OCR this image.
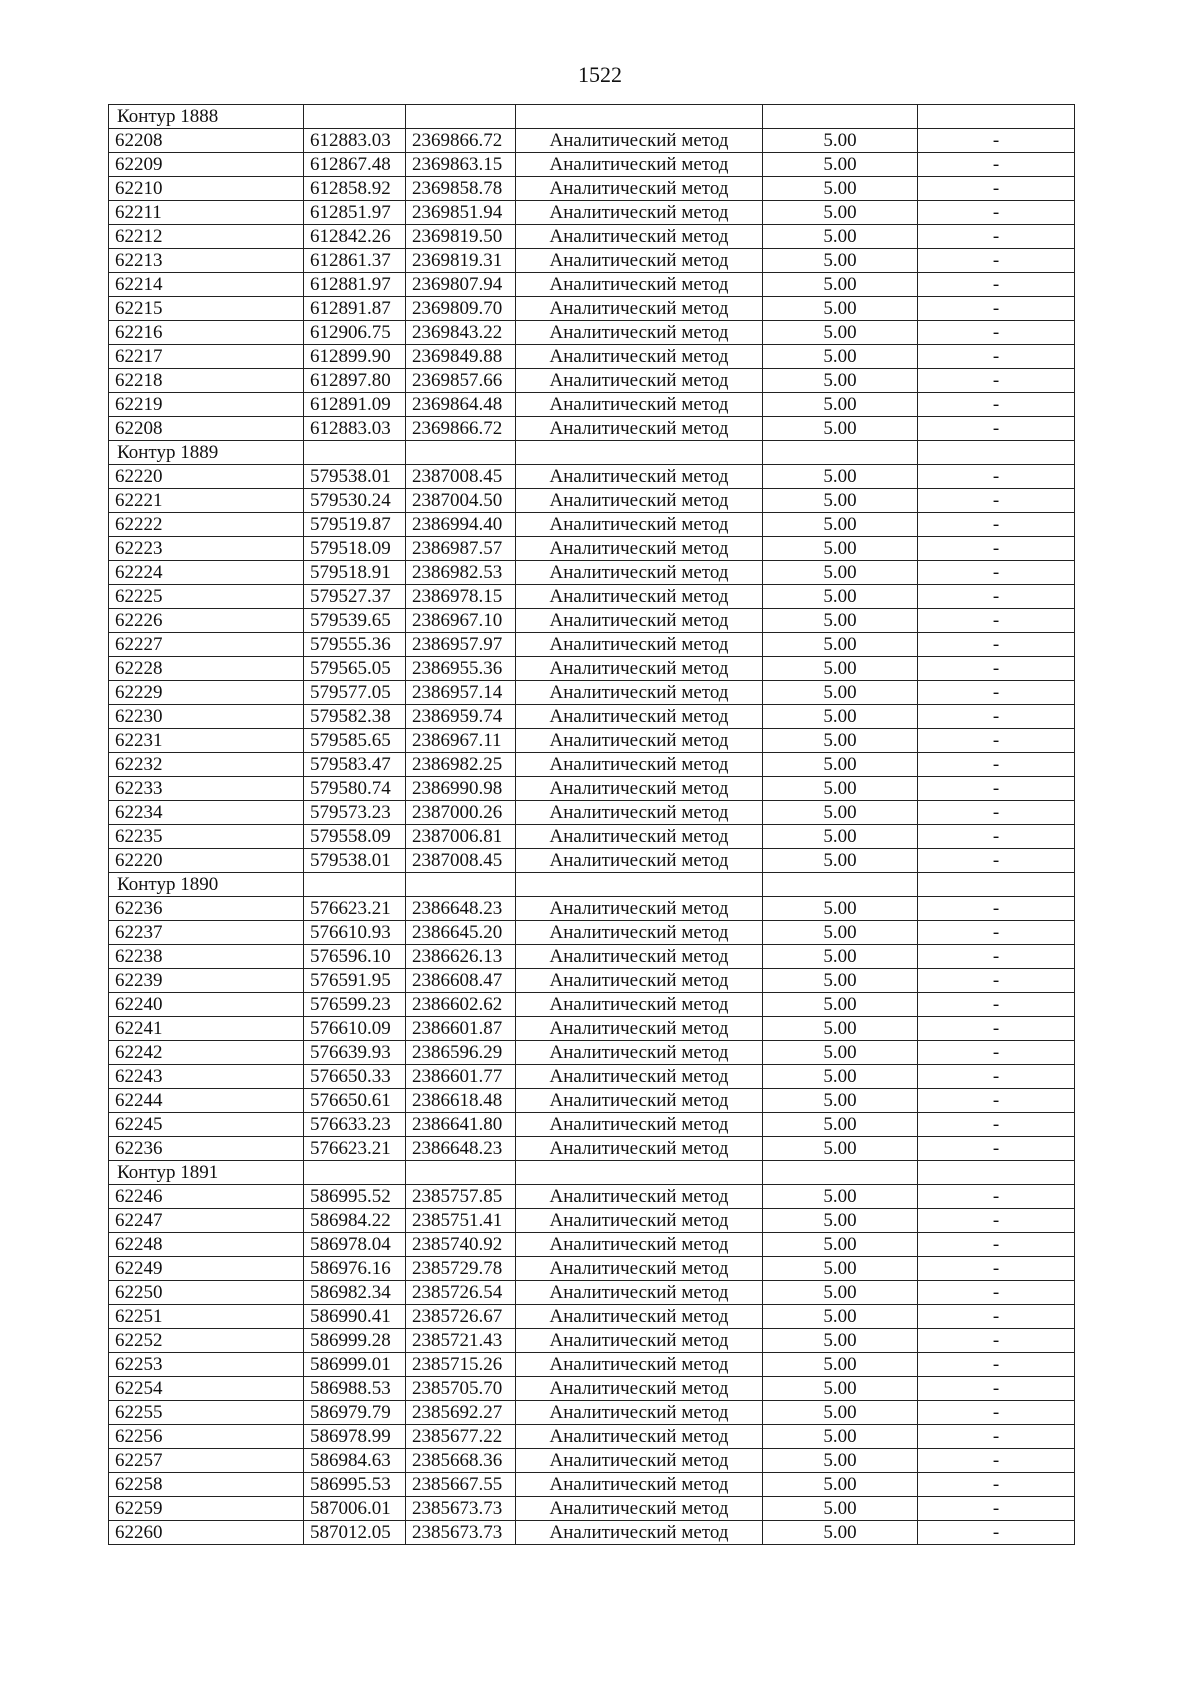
1522
Контур 1888					
62208	612883.03	2369866.72	Аналитический метод	5.00	-
62209	612867.48	2369863.15	Аналитический метод	5.00	-
62210	612858.92	2369858.78	Аналитический метод	5.00	-
62211	612851.97	2369851.94	Аналитический метод	5.00	-
62212	612842.26	2369819.50	Аналитический метод	5.00	-
62213	612861.37	2369819.31	Аналитический метод	5.00	-
62214	612881.97	2369807.94	Аналитический метод	5.00	-
62215	612891.87	2369809.70	Аналитический метод	5.00	-
62216	612906.75	2369843.22	Аналитический метод	5.00	-
62217	612899.90	2369849.88	Аналитический метод	5.00	-
62218	612897.80	2369857.66	Аналитический метод	5.00	-
62219	612891.09	2369864.48	Аналитический метод	5.00	-
62208	612883.03	2369866.72	Аналитический метод	5.00	-
Контур 1889					
62220	579538.01	2387008.45	Аналитический метод	5.00	-
62221	579530.24	2387004.50	Аналитический метод	5.00	-
62222	579519.87	2386994.40	Аналитический метод	5.00	-
62223	579518.09	2386987.57	Аналитический метод	5.00	-
62224	579518.91	2386982.53	Аналитический метод	5.00	-
62225	579527.37	2386978.15	Аналитический метод	5.00	-
62226	579539.65	2386967.10	Аналитический метод	5.00	-
62227	579555.36	2386957.97	Аналитический метод	5.00	-
62228	579565.05	2386955.36	Аналитический метод	5.00	-
62229	579577.05	2386957.14	Аналитический метод	5.00	-
62230	579582.38	2386959.74	Аналитический метод	5.00	-
62231	579585.65	2386967.11	Аналитический метод	5.00	-
62232	579583.47	2386982.25	Аналитический метод	5.00	-
62233	579580.74	2386990.98	Аналитический метод	5.00	-
62234	579573.23	2387000.26	Аналитический метод	5.00	-
62235	579558.09	2387006.81	Аналитический метод	5.00	-
62220	579538.01	2387008.45	Аналитический метод	5.00	-
Контур 1890					
62236	576623.21	2386648.23	Аналитический метод	5.00	-
62237	576610.93	2386645.20	Аналитический метод	5.00	-
62238	576596.10	2386626.13	Аналитический метод	5.00	-
62239	576591.95	2386608.47	Аналитический метод	5.00	-
62240	576599.23	2386602.62	Аналитический метод	5.00	-
62241	576610.09	2386601.87	Аналитический метод	5.00	-
62242	576639.93	2386596.29	Аналитический метод	5.00	-
62243	576650.33	2386601.77	Аналитический метод	5.00	-
62244	576650.61	2386618.48	Аналитический метод	5.00	-
62245	576633.23	2386641.80	Аналитический метод	5.00	-
62236	576623.21	2386648.23	Аналитический метод	5.00	-
Контур 1891					
62246	586995.52	2385757.85	Аналитический метод	5.00	-
62247	586984.22	2385751.41	Аналитический метод	5.00	-
62248	586978.04	2385740.92	Аналитический метод	5.00	-
62249	586976.16	2385729.78	Аналитический метод	5.00	-
62250	586982.34	2385726.54	Аналитический метод	5.00	-
62251	586990.41	2385726.67	Аналитический метод	5.00	-
62252	586999.28	2385721.43	Аналитический метод	5.00	-
62253	586999.01	2385715.26	Аналитический метод	5.00	-
62254	586988.53	2385705.70	Аналитический метод	5.00	-
62255	586979.79	2385692.27	Аналитический метод	5.00	-
62256	586978.99	2385677.22	Аналитический метод	5.00	-
62257	586984.63	2385668.36	Аналитический метод	5.00	-
62258	586995.53	2385667.55	Аналитический метод	5.00	-
62259	587006.01	2385673.73	Аналитический метод	5.00	-
62260	587012.05	2385673.73	Аналитический метод	5.00	-
